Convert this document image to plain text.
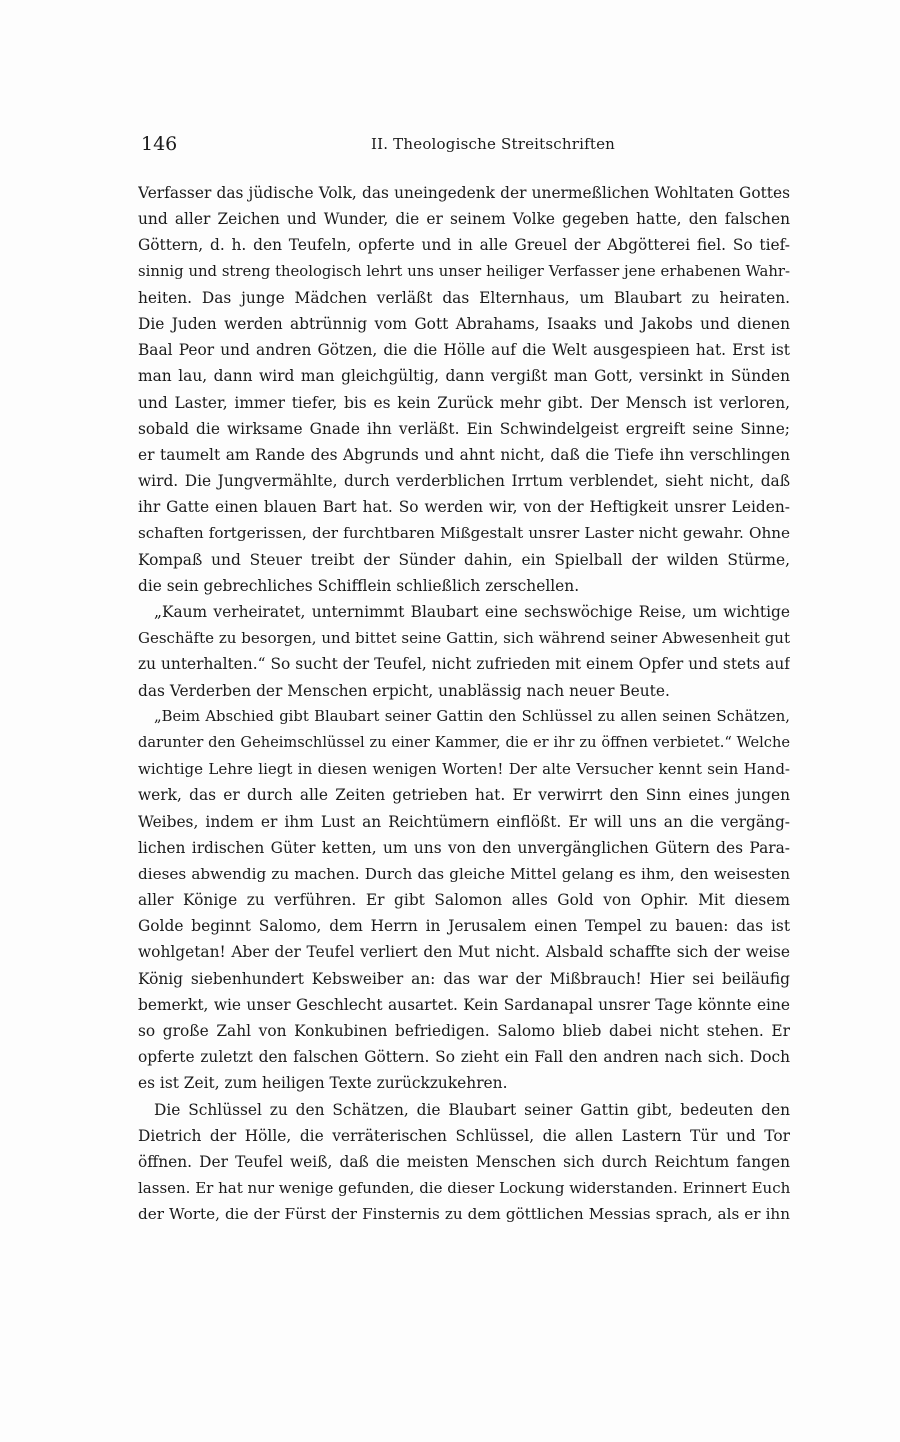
146	II. Theologische Streitschriften
Verfasser das jüdische Volk, das uneingedenk der unermeßlichen Wohltaten Gottes
und aller Zeichen und Wunder, die er seinem Volke gegeben hatte, den falschen
Göttern, d. h. den Teufeln, opferte und in alle Greuel der Abgötterei fiel. So tief-
sinnig und streng theologisch lehrt uns unser heiliger Verfasser jene erhabenen Wahr-
heiten. Das junge Mädchen verläßt das Elternhaus, um Blaubart zu heiraten.
Die Juden werden abtrünnig vom Gott Abrahams, Isaaks und Jakobs und dienen
Baal Peor und andren Götzen, die die Hölle auf die Welt ausgespieen hat. Erst ist
man lau, dann wird man gleichgültig, dann vergißt man Gott, versinkt in Sünden
und Laster, immer tiefer, bis es kein Zurück mehr gibt. Der Mensch ist verloren,
sobald die wirksame Gnade ihn verläßt. Ein Schwindelgeist ergreift seine Sinne;
er taumelt am Rande des Abgrunds und ahnt nicht, daß die Tiefe ihn verschlingen
wird. Die Jungvermählte, durch verderblichen Irrtum verblendet, sieht nicht, daß
ihr Gatte einen blauen Bart hat. So werden wir, von der Heftigkeit unsrer Leiden-
schaften fortgerissen, der furchtbaren Mißgestalt unsrer Laster nicht gewahr. Ohne
Kompaß und Steuer treibt der Sünder dahin, ein Spielball der wilden Stürme,
die sein gebrechliches Schifflein schließlich zerschellen.
„Kaum verheiratet, unternimmt Blaubart eine sechswöchige Reise, um wichtige
Geschäfte zu besorgen, und bittet seine Gattin, sich während seiner Abwesenheit gut
zu unterhalten.“ So sucht der Teufel, nicht zufrieden mit einem Opfer und stets auf
das Verderben der Menschen erpicht, unablässig nach neuer Beute.
„Beim Abschied gibt Blaubart seiner Gattin den Schlüssel zu allen seinen Schätzen,
darunter den Geheimschlüssel zu einer Kammer, die er ihr zu öffnen verbietet.“ Welche
wichtige Lehre liegt in diesen wenigen Worten! Der alte Versucher kennt sein Hand-
werk, das er durch alle Zeiten getrieben hat. Er verwirrt den Sinn eines jungen
Weibes, indem er ihm Lust an Reichtümern einflößt. Er will uns an die vergäng-
lichen irdischen Güter ketten, um uns von den unvergänglichen Gütern des Para-
dieses abwendig zu machen. Durch das gleiche Mittel gelang es ihm, den weisesten
aller Könige zu verführen. Er gibt Salomon alles Gold von Ophir. Mit diesem
Golde beginnt Salomo, dem Herrn in Jerusalem einen Tempel zu bauen: das ist
wohlgetan! Aber der Teufel verliert den Mut nicht. Alsbald schaffte sich der weise
König siebenhundert Kebsweiber an: das war der Mißbrauch! Hier sei beiläufig
bemerkt, wie unser Geschlecht ausartet. Kein Sardanapal unsrer Tage könnte eine
so große Zahl von Konkubinen befriedigen. Salomo blieb dabei nicht stehen. Er
opferte zuletzt den falschen Göttern. So zieht ein Fall den andren nach sich. Doch
es ist Zeit, zum heiligen Texte zurückzukehren.
Die Schlüssel zu den Schätzen, die Blaubart seiner Gattin gibt, bedeuten den
Dietrich der Hölle, die verräterischen Schlüssel, die allen Lastern Tür und Tor
öffnen. Der Teufel weiß, daß die meisten Menschen sich durch Reichtum fangen
lassen. Er hat nur wenige gefunden, die dieser Lockung widerstanden. Erinnert Euch
der Worte, die der Fürst der Finsternis zu dem göttlichen Messias sprach, als er ihn
